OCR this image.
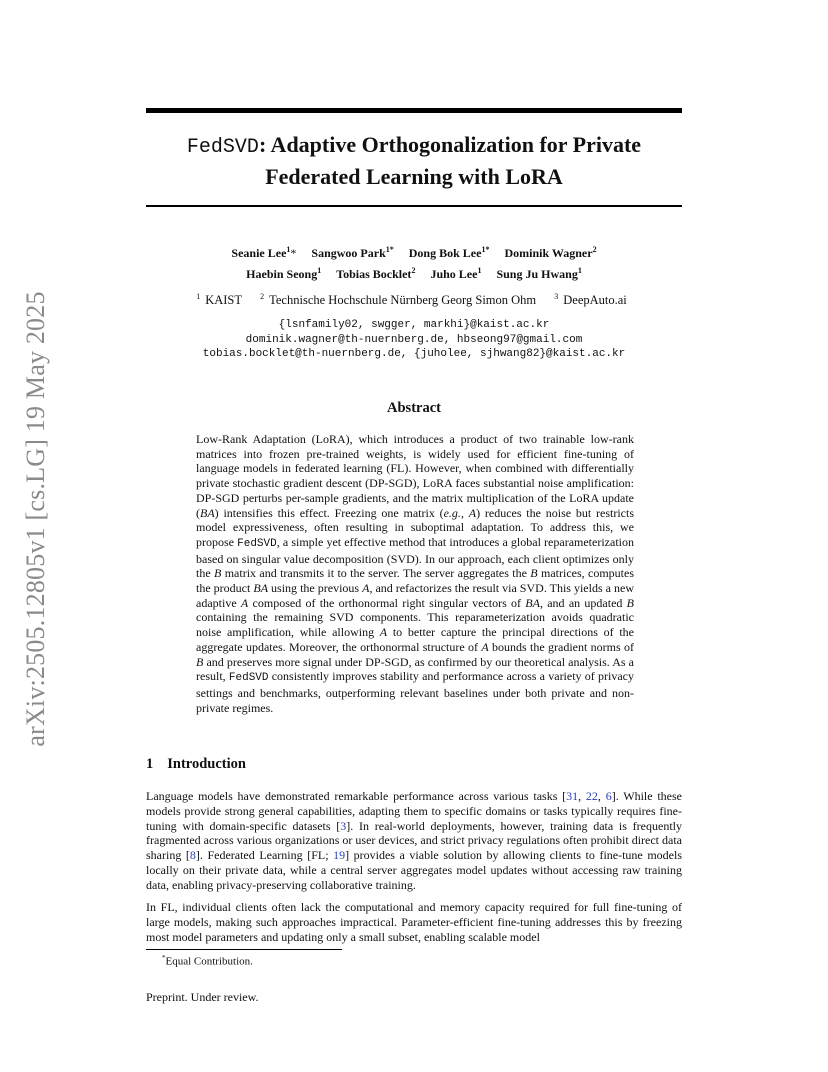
arXiv:2505.12805v1 [cs.LG] 19 May 2025
FedSVD: Adaptive Orthogonalization for Private
Federated Learning with LoRA
Seanie Lee$^1$* Sangwoo Park$^{1*}$ Dong Bok Lee$^{1*}$ Dominik Wagner$^2$
Haebin Seong$^1$ Tobias Bocklet$^2$ Juho Lee$^1$ Sung Ju Hwang$^1$
$^1$ KAIST $^2$ Technische Hochschule Nürnberg Georg Simon Ohm $^3$ DeepAuto.ai
{lsnfamily02, swgger, markhi}@kaist.ac.kr
dominik.wagner@th-nuernberg.de, hbseong97@gmail.com
tobias.bocklet@th-nuernberg.de, {juholee, sjhwang82}@kaist.ac.kr
Abstract
Low-Rank Adaptation (LoRA), which introduces a product of two trainable low-rank matrices into frozen pre-trained weights, is widely used for efficient fine-tuning of language models in federated learning (FL). However, when combined with differentially private stochastic gradient descent (DP-SGD), LoRA faces substantial noise amplification: DP-SGD perturbs per-sample gradients, and the matrix multiplication of the LoRA update (BA) intensifies this effect. Freezing one matrix (e.g., A) reduces the noise but restricts model expressiveness, often resulting in suboptimal adaptation. To address this, we propose FedSVD, a simple yet effective method that introduces a global reparameterization based on singular value decomposition (SVD). In our approach, each client optimizes only the B matrix and transmits it to the server. The server aggregates the B matrices, computes the product BA using the previous A, and refactorizes the result via SVD. This yields a new adaptive A composed of the orthonormal right singular vectors of BA, and an updated B containing the remaining SVD components. This reparameterization avoids quadratic noise amplification, while allowing A to better capture the principal directions of the aggregate updates. Moreover, the orthonormal structure of A bounds the gradient norms of B and preserves more signal under DP-SGD, as confirmed by our theoretical analysis. As a result, FedSVD consistently improves stability and performance across a variety of privacy settings and benchmarks, outperforming relevant baselines under both private and non-private regimes.
1 Introduction

Language models have demonstrated remarkable performance across various tasks [31, 22, 6]. While these models provide strong general capabilities, adapting them to specific domains or tasks typically requires fine-tuning with domain-specific datasets [3]. In real-world deployments, however, training data is frequently fragmented across various organizations or user devices, and strict privacy regulations often prohibit direct data sharing [8]. Federated Learning [FL; 19] provides a viable solution by allowing clients to fine-tune models locally on their private data, while a central server aggregates model updates without accessing raw training data, enabling privacy-preserving collaborative training.

In FL, individual clients often lack the computational and memory capacity required for full fine-tuning of large models, making such approaches impractical. Parameter-efficient fine-tuning addresses this by freezing most model parameters and updating only a small subset, enabling scalable model

*Equal Contribution.
Preprint. Under review.
